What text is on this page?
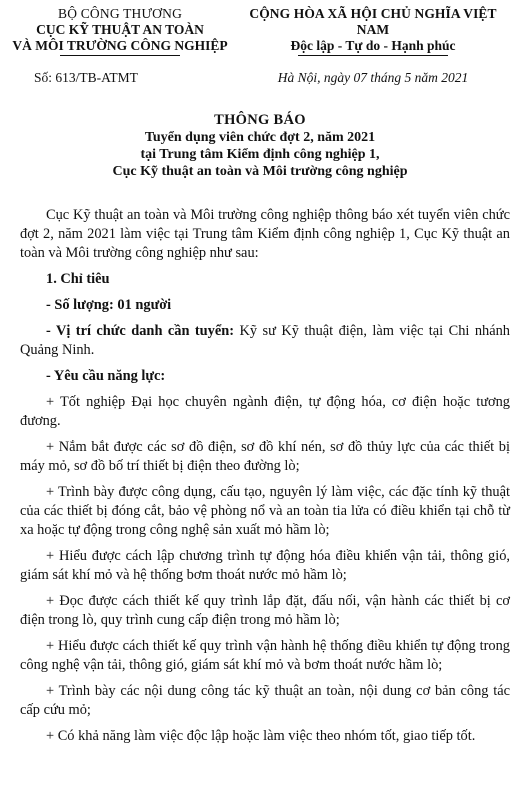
BỘ CÔNG THƯƠNG
CỤC KỸ THUẬT AN TOÀN
VÀ MÔI TRƯỜNG CÔNG NGHIỆP
Số: 613/TB-ATMT
CỘNG HÒA XÃ HỘI CHỦ NGHĨA VIỆT NAM
Độc lập - Tự do - Hạnh phúc
Hà Nội, ngày 07 tháng 5 năm 2021
THÔNG BÁO
Tuyển dụng viên chức đợt 2, năm 2021
tại Trung tâm Kiểm định công nghiệp 1,
Cục Kỹ thuật an toàn và Môi trường công nghiệp

Cục Kỹ thuật an toàn và Môi trường công nghiệp thông báo xét tuyển viên chức đợt 2, năm 2021 làm việc tại Trung tâm Kiểm định công nghiệp 1, Cục Kỹ thuật an toàn và Môi trường công nghiệp như sau:

1. Chỉ tiêu

- Số lượng: 01 người

- Vị trí chức danh cần tuyển: Kỹ sư Kỹ thuật điện, làm việc tại Chi nhánh Quảng Ninh.

- Yêu cầu năng lực:

+ Tốt nghiệp Đại học chuyên ngành điện, tự động hóa, cơ điện hoặc tương đương.

+ Nắm bắt được các sơ đồ điện, sơ đồ khí nén, sơ đồ thủy lực của các thiết bị máy mỏ, sơ đồ bố trí thiết bị điện theo đường lò;

+ Trình bày được công dụng, cấu tạo, nguyên lý làm việc, các đặc tính kỹ thuật của các thiết bị đóng cắt, bảo vệ phòng nổ và an toàn tia lửa có điều khiển tại chỗ từ xa hoặc tự động trong công nghệ sản xuất mỏ hầm lò;

+ Hiểu được cách lập chương trình tự động hóa điều khiển vận tải, thông gió, giám sát khí mỏ và hệ thống bơm thoát nước mỏ hầm lò;

+ Đọc được cách thiết kế quy trình lắp đặt, đấu nối, vận hành các thiết bị cơ điện trong lò, quy trình cung cấp điện trong mỏ hầm lò;

+ Hiểu được cách thiết kế quy trình vận hành hệ thống điều khiển tự động trong công nghệ vận tải, thông gió, giám sát khí mỏ và bơm thoát nước hầm lò;

+ Trình bày các nội dung công tác kỹ thuật an toàn, nội dung cơ bản công tác cấp cứu mỏ;

+ Có khả năng làm việc độc lập hoặc làm việc theo nhóm tốt, giao tiếp tốt.
